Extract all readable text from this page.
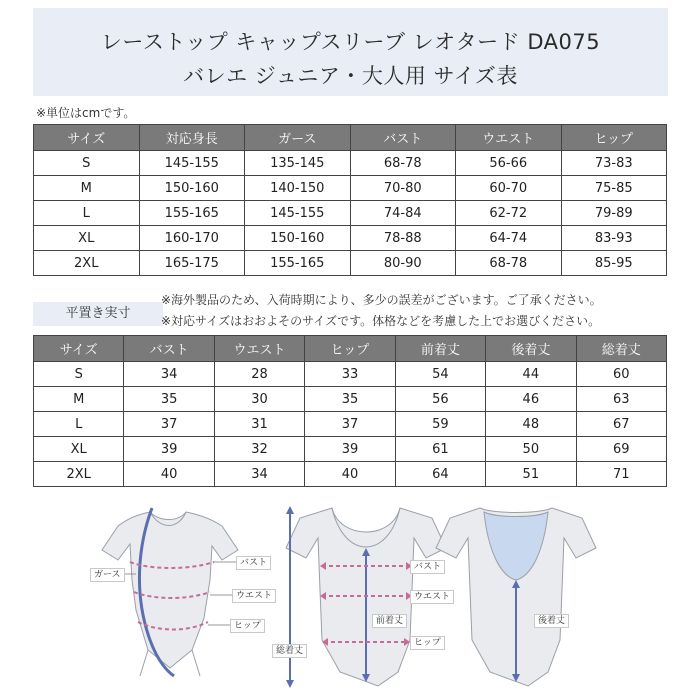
レーストップ キャップスリーブ レオタード DA075
バレエ ジュニア・大人用 サイズ表
※単位はcmです。
サイズ	対応身長	ガース	バスト	ウエスト	ヒップ
S	145-155	135-145	68-78	56-66	73-83
M	150-160	140-150	70-80	60-70	75-85
L	155-165	145-155	74-84	62-72	79-89
XL	160-170	150-160	78-88	64-74	83-93
2XL	165-175	155-165	80-90	68-78	85-95
平置き実寸
※海外製品のため、入荷時期により、多少の誤差がございます。ご了承ください。
※対応サイズはおおよそのサイズです。体格などを考慮した上でお選びください。
サイズ	バスト	ウエスト	ヒップ	前着丈	後着丈	総着丈
S	34	28	33	54	44	60
M	35	30	35	56	46	63
L	37	31	37	59	48	67
XL	39	32	39	61	50	69
2XL	40	34	40	64	51	71
ガース
バスト
ウエスト
ヒップ
バスト
ウエスト
前着丈
ヒップ
総着丈
後着丈
